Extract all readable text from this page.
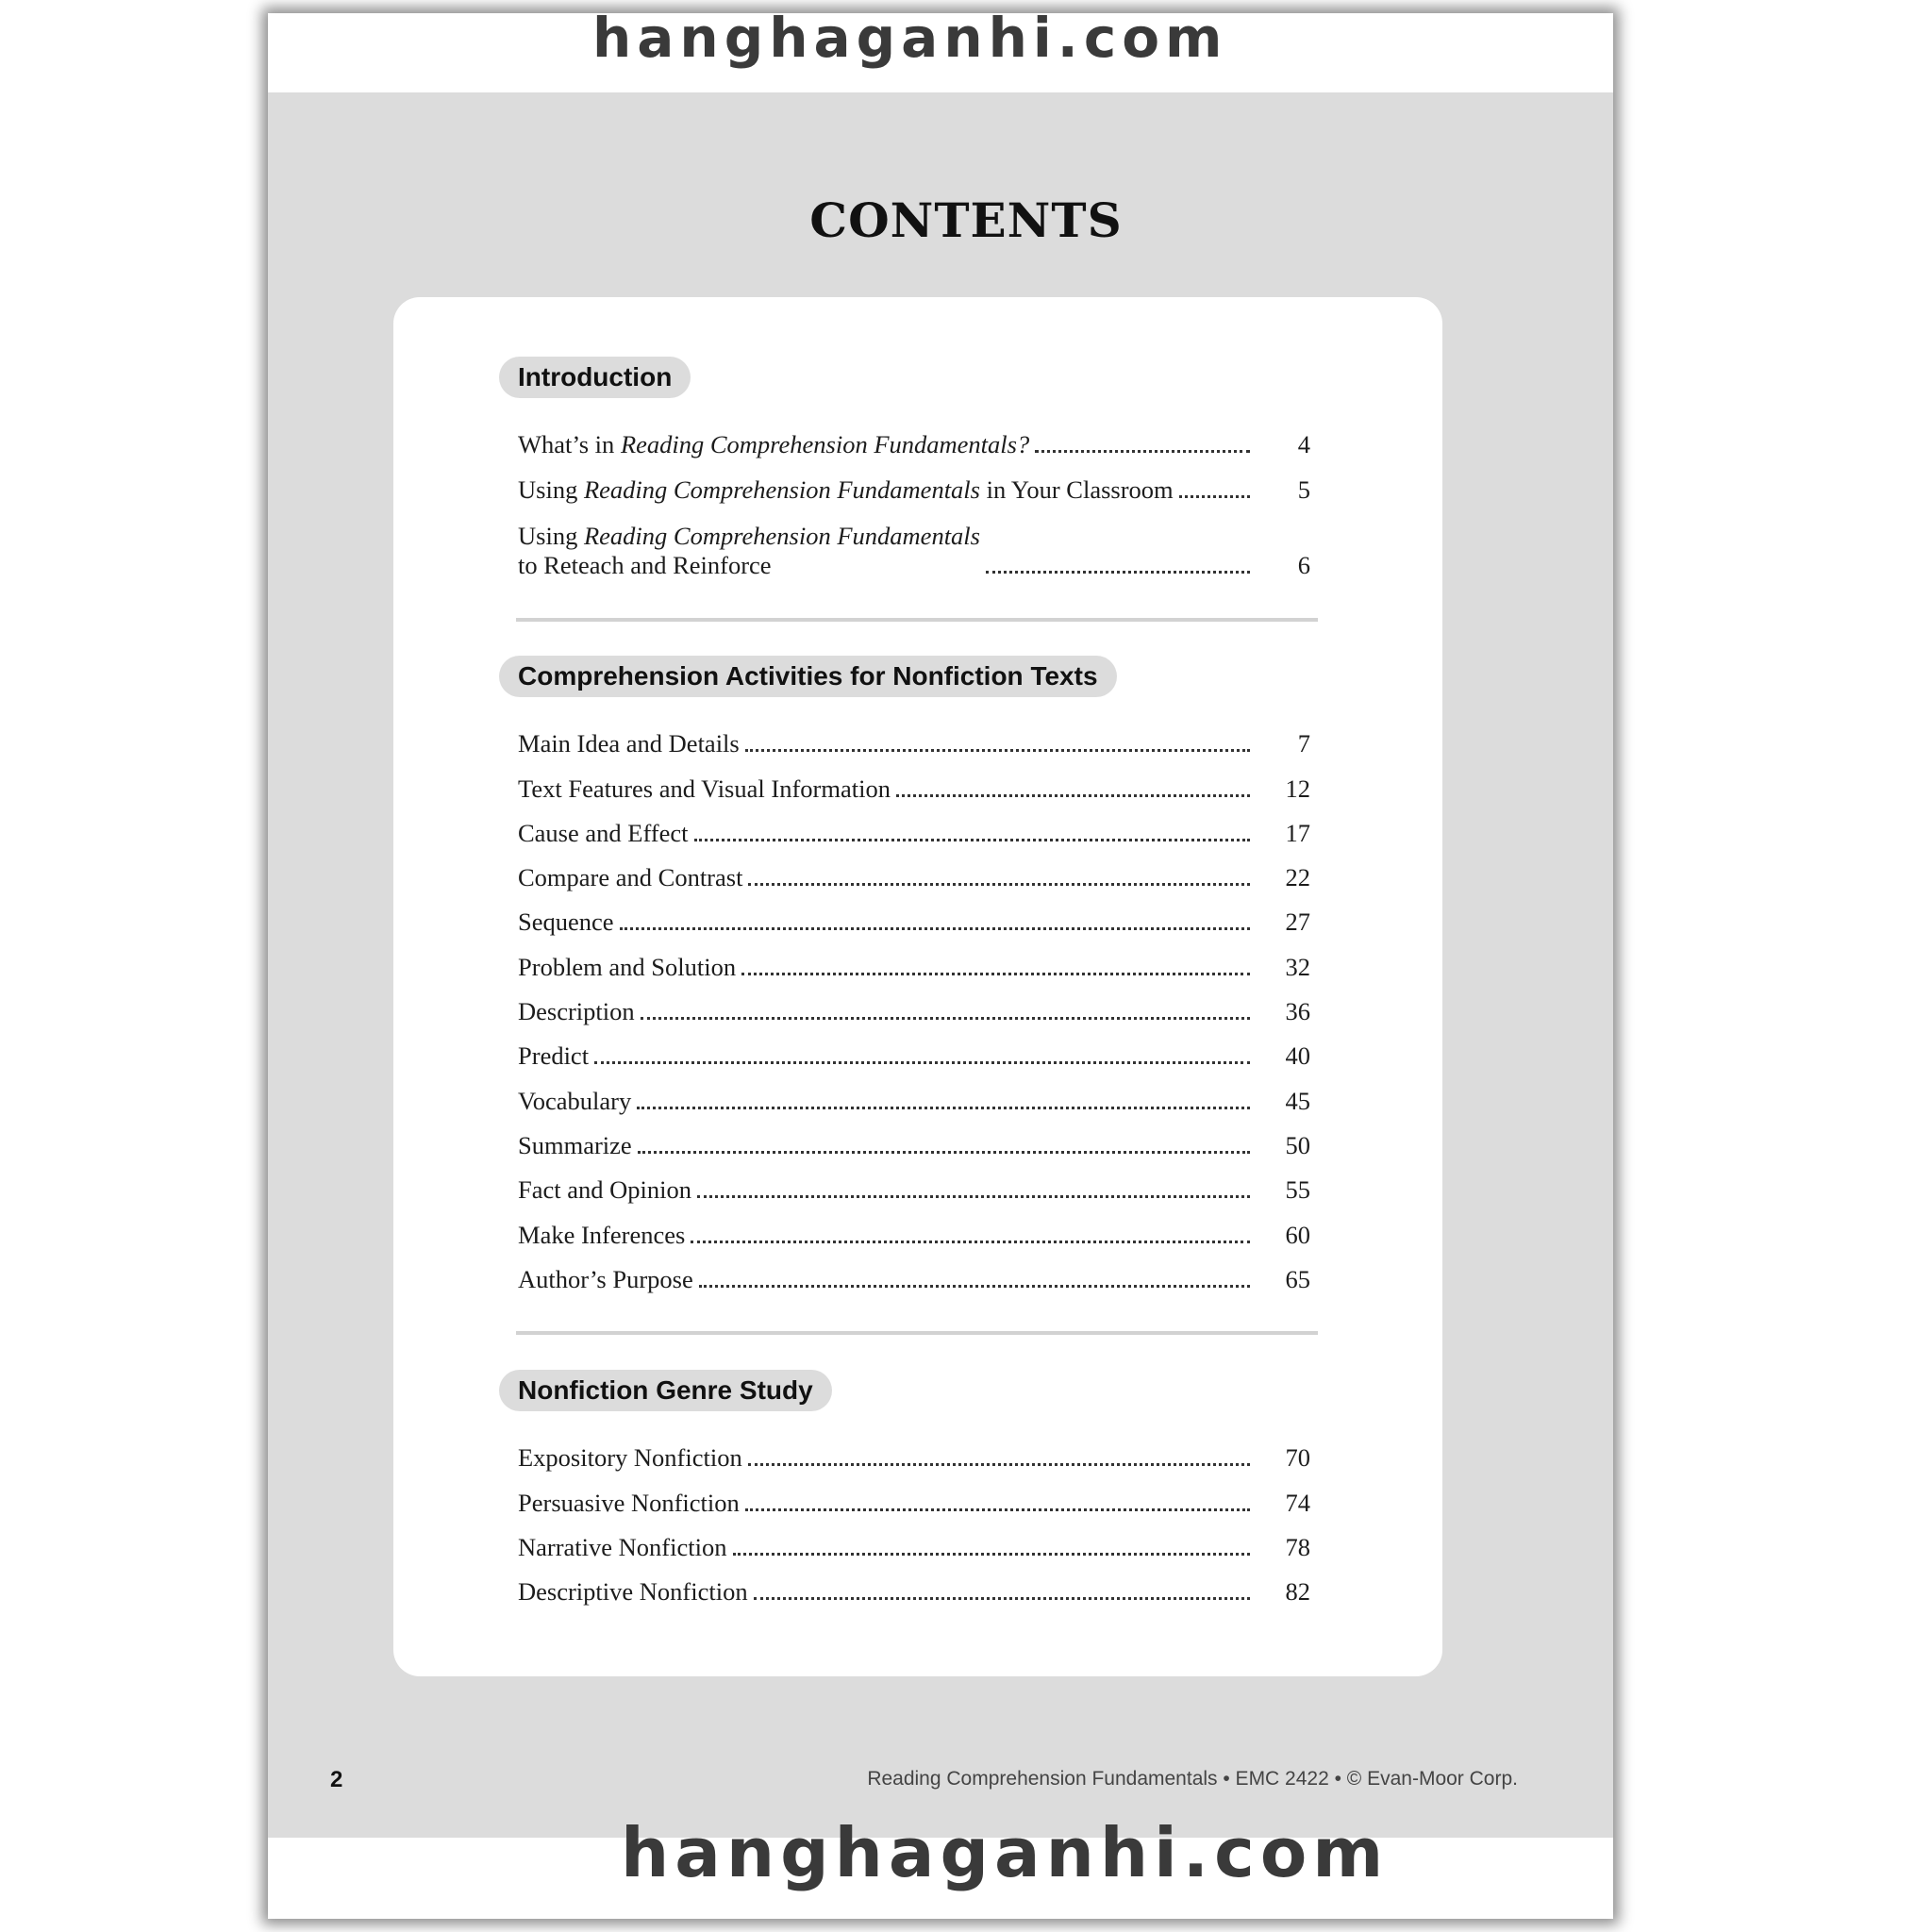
hanghaganhi.com
CONTENTS
Introduction
What’s in Reading Comprehension Fundamentals?	4
Using Reading Comprehension Fundamentals in Your Classroom	5
Using Reading Comprehension Fundamentals
to Reteach and Reinforce	6
Comprehension Activities for Nonfiction Texts
Main Idea and Details	7
Text Features and Visual Information	12
Cause and Effect	17
Compare and Contrast	22
Sequence	27
Problem and Solution	32
Description	36
Predict	40
Vocabulary	45
Summarize	50
Fact and Opinion	55
Make Inferences	60
Author’s Purpose	65
Nonfiction Genre Study
Expository Nonfiction	70
Persuasive Nonfiction	74
Narrative Nonfiction	78
Descriptive Nonfiction	82
2	Reading Comprehension Fundamentals • EMC 2422 • © Evan-Moor Corp.
hanghaganhi.com
